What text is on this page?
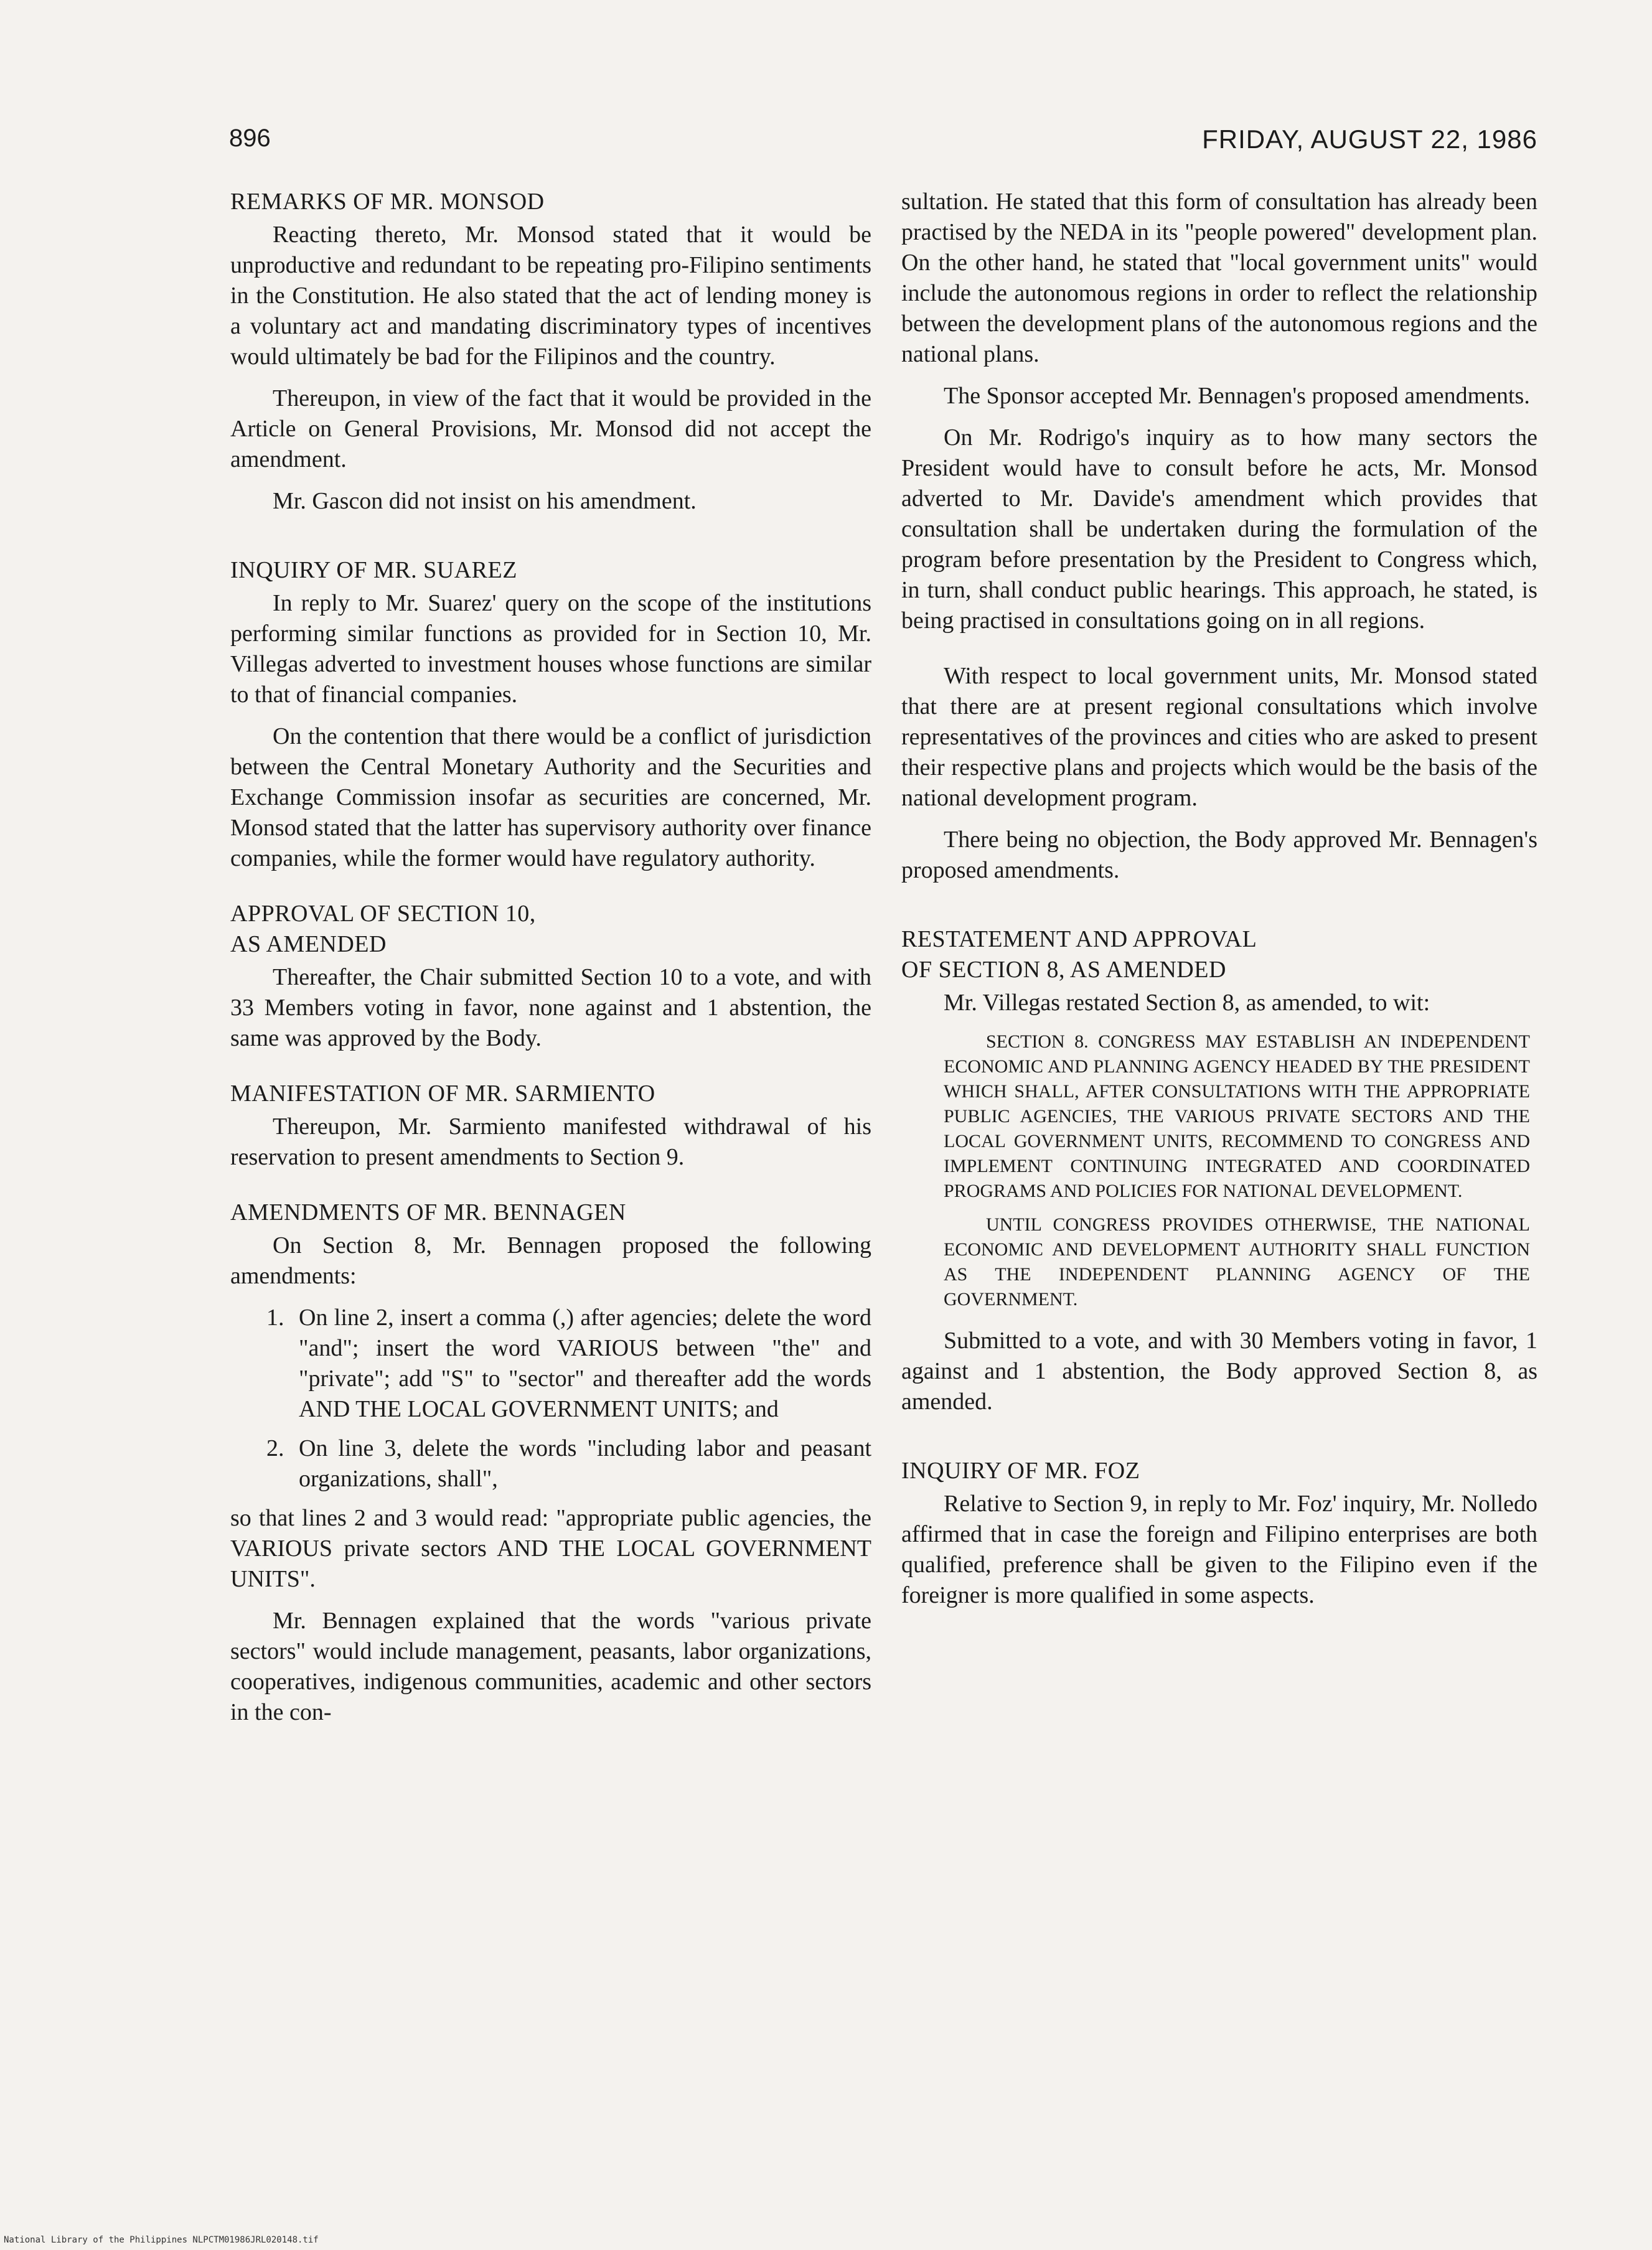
896	FRIDAY, AUGUST 22, 1986
REMARKS OF MR. MONSOD

Reacting thereto, Mr. Monsod stated that it would be unproductive and redundant to be repeating pro-Filipino sentiments in the Constitution. He also stated that the act of lending money is a voluntary act and mandating discriminatory types of incentives would ultimately be bad for the Filipinos and the country.

Thereupon, in view of the fact that it would be provided in the Article on General Provisions, Mr. Monsod did not accept the amendment.

Mr. Gascon did not insist on his amendment.

INQUIRY OF MR. SUAREZ

In reply to Mr. Suarez' query on the scope of the institutions performing similar functions as provided for in Section 10, Mr. Villegas adverted to investment houses whose functions are similar to that of financial companies.

On the contention that there would be a conflict of jurisdiction between the Central Monetary Authority and the Securities and Exchange Commission insofar as securities are concerned, Mr. Monsod stated that the latter has supervisory authority over finance companies, while the former would have regulatory authority.

APPROVAL OF SECTION 10,
AS AMENDED

Thereafter, the Chair submitted Section 10 to a vote, and with 33 Members voting in favor, none against and 1 abstention, the same was approved by the Body.

MANIFESTATION OF MR. SARMIENTO

Thereupon, Mr. Sarmiento manifested withdrawal of his reservation to present amendments to Section 9.

AMENDMENTS OF MR. BENNAGEN

On Section 8, Mr. Bennagen proposed the following amendments:

1. On line 2, insert a comma (,) after agencies; delete the word "and"; insert the word VARIOUS between "the" and "private"; add "S" to "sector" and thereafter add the words AND THE LOCAL GOVERNMENT UNITS; and
2. On line 3, delete the words "including labor and peasant organizations, shall",

so that lines 2 and 3 would read: "appropriate public agencies, the VARIOUS private sectors AND THE LOCAL GOVERNMENT UNITS".

Mr. Bennagen explained that the words "various private sectors" would include management, peasants, labor organizations, cooperatives, indigenous communities, academic and other sectors in the con-

sultation. He stated that this form of consultation has already been practised by the NEDA in its "people powered" development plan. On the other hand, he stated that "local government units" would include the autonomous regions in order to reflect the relationship between the development plans of the autonomous regions and the national plans.

The Sponsor accepted Mr. Bennagen's proposed amendments.

On Mr. Rodrigo's inquiry as to how many sectors the President would have to consult before he acts, Mr. Monsod adverted to Mr. Davide's amendment which provides that consultation shall be undertaken during the formulation of the program before presentation by the President to Congress which, in turn, shall conduct public hearings. This approach, he stated, is being practised in consultations going on in all regions.

With respect to local government units, Mr. Monsod stated that there are at present regional consultations which involve representatives of the provinces and cities who are asked to present their respective plans and projects which would be the basis of the national development program.

There being no objection, the Body approved Mr. Bennagen's proposed amendments.

RESTATEMENT AND APPROVAL
OF SECTION 8, AS AMENDED

Mr. Villegas restated Section 8, as amended, to wit:

SECTION 8. CONGRESS MAY ESTABLISH AN INDEPENDENT ECONOMIC AND PLANNING AGENCY HEADED BY THE PRESIDENT WHICH SHALL, AFTER CONSULTATIONS WITH THE APPROPRIATE PUBLIC AGENCIES, THE VARIOUS PRIVATE SECTORS AND THE LOCAL GOVERNMENT UNITS, RECOMMEND TO CONGRESS AND IMPLEMENT CONTINUING INTEGRATED AND COORDINATED PROGRAMS AND POLICIES FOR NATIONAL DEVELOPMENT.

UNTIL CONGRESS PROVIDES OTHERWISE, THE NATIONAL ECONOMIC AND DEVELOPMENT AUTHORITY SHALL FUNCTION AS THE INDEPENDENT PLANNING AGENCY OF THE GOVERNMENT.

Submitted to a vote, and with 30 Members voting in favor, 1 against and 1 abstention, the Body approved Section 8, as amended.

INQUIRY OF MR. FOZ

Relative to Section 9, in reply to Mr. Foz' inquiry, Mr. Nolledo affirmed that in case the foreign and Filipino enterprises are both qualified, preference shall be given to the Filipino even if the foreigner is more qualified in some aspects.

National Library of the Philippines NLPCTM01986JRL020148.tif
